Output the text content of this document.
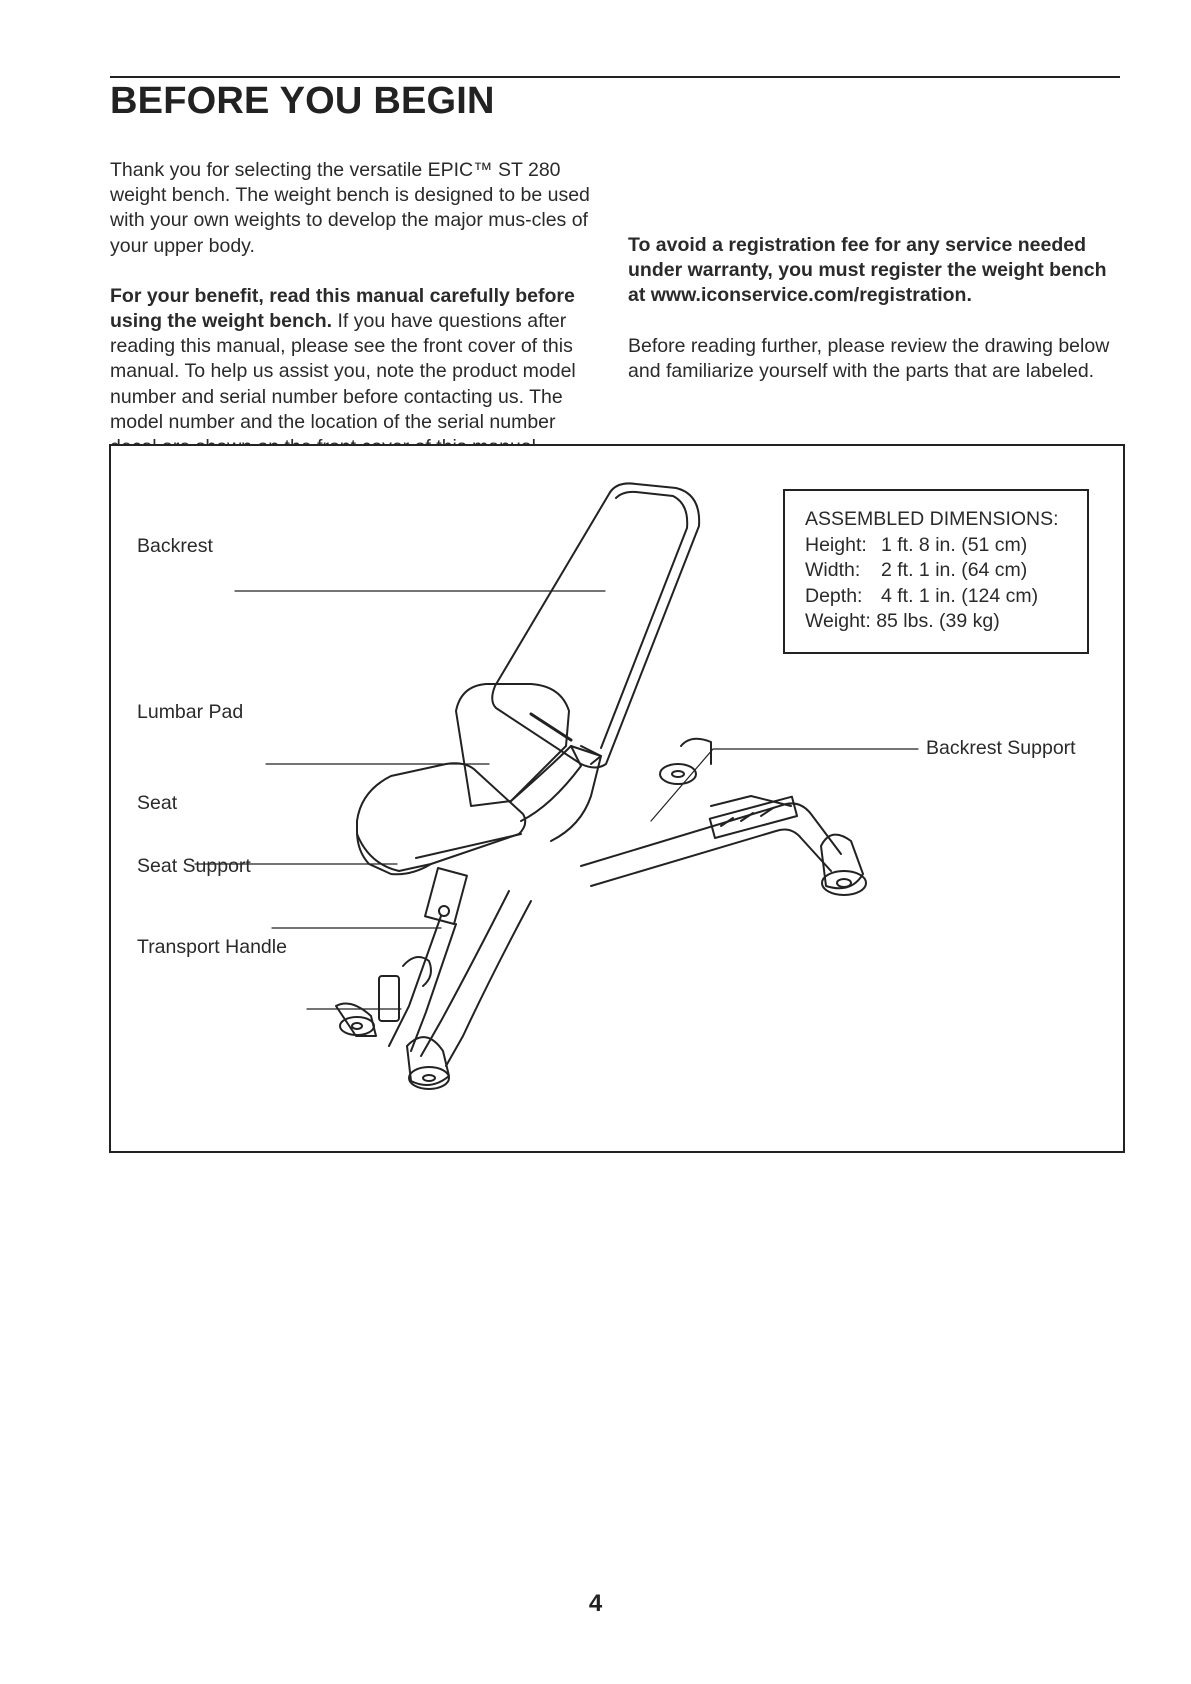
BEFORE YOU BEGIN

Thank you for selecting the versatile EPIC™ ST 280 weight bench. The weight bench is designed to be used with your own weights to develop the major mus-cles of your upper body.

For your benefit, read this manual carefully before using the weight bench. If you have questions after reading this manual, please see the front cover of this manual. To help us assist you, note the product model number and serial number before contacting us. The model number and the location of the serial number

To avoid a registration fee for any service needed under warranty, you must register the weight bench at www.iconservice.com/registration.

Before reading further, please review the drawing below and familiarize yourself with the parts that are labeled.

Backrest
Lumbar Pad
Seat
Seat Support
Transport Handle
Backrest Support
ASSEMBLED DIMENSIONS:
Height: 1 ft. 8 in. (51 cm)
Width:	2 ft. 1 in. (64 cm)
Depth: 4 ft. 1 in. (124 cm)
Weight:
85 lbs. (39 kg)
4
